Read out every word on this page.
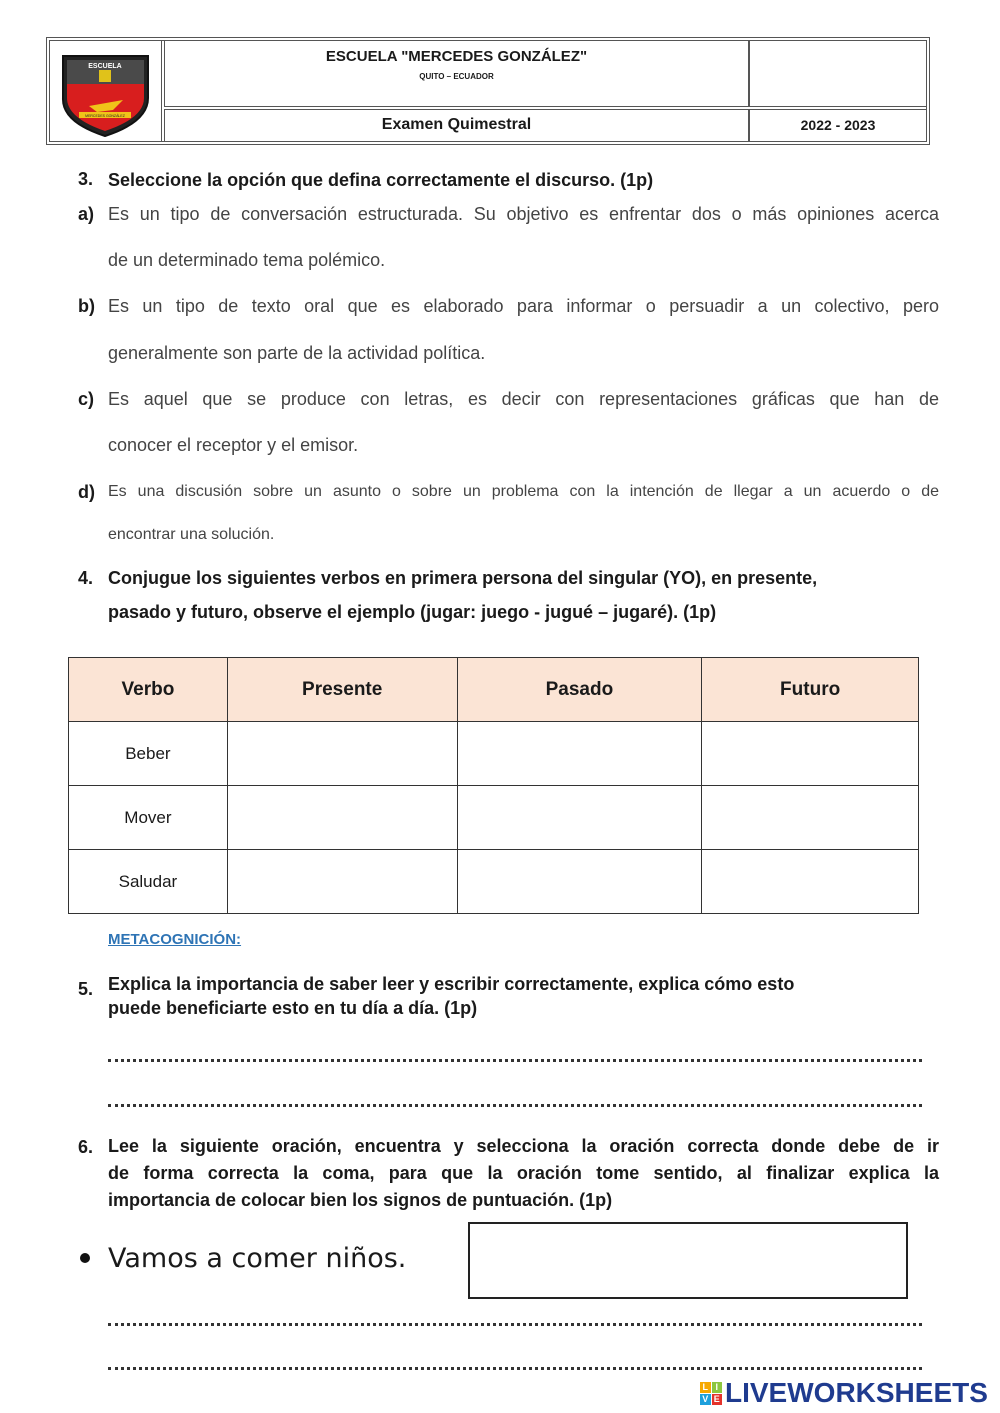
ESCUELA
MERCEDES GONZÁLEZ
ESCUELA "MERCEDES GONZÁLEZ"
QUITO – ECUADOR
Examen Quimestral	2022 - 2023
3. Seleccione la opción que defina correctamente el discurso. (1p)
a) Es un tipo de conversación estructurada. Su objetivo es enfrentar dos o más opiniones acerca
de un determinado tema polémico.
b) Es un tipo de texto oral que es elaborado para informar o persuadir a un colectivo, pero
generalmente son parte de la actividad política.
c) Es aquel que se produce con letras, es decir con representaciones gráficas que han de
conocer el receptor y el emisor.
d) Es una discusión sobre un asunto o sobre un problema con la intención de llegar a un acuerdo o de
encontrar una solución.
4. Conjugue los siguientes verbos en primera persona del singular (YO), en presente,
pasado y futuro, observe el ejemplo (jugar: juego - jugué – jugaré). (1p)
Verbo	Presente	Pasado	Futuro
Beber			
Mover			
Saludar			
METACOGNICIÓN:
5. Explica la importancia de saber leer y escribir correctamente, explica cómo esto
puede beneficiarte esto en tu día a día. (1p)
6. Lee la siguiente oración, encuentra y selecciona la oración correcta donde debe de ir
de forma correcta la coma, para que la oración tome sentido, al finalizar explica la
importancia de colocar bien los signos de puntuación. (1p)
Vamos a comer niños.
L I
V E LIVEWORKSHEETS
